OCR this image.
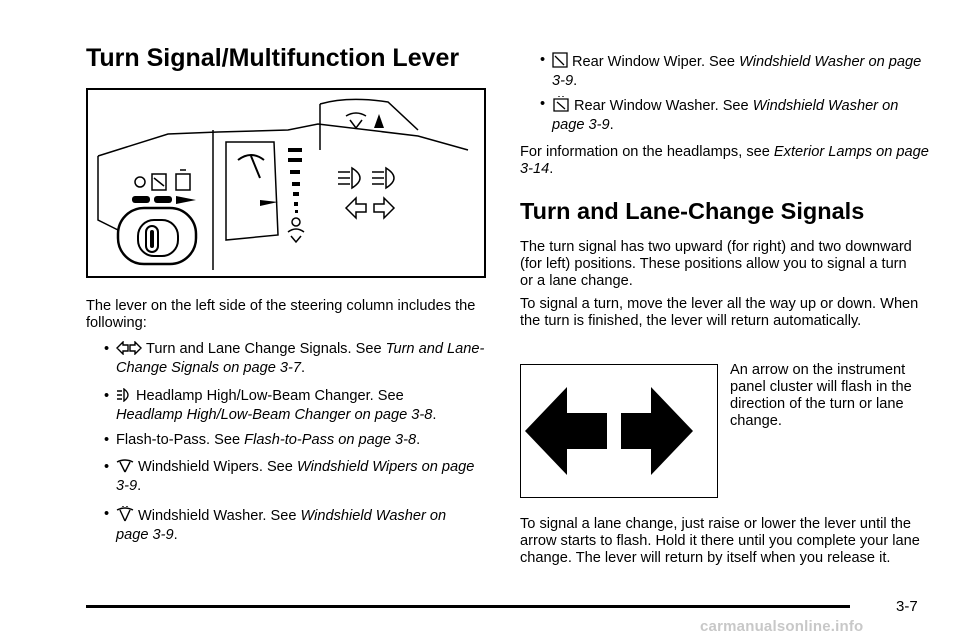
Turn Signal/Multifunction Lever

The lever on the left side of the steering column includes the following:

•	Turn and Lane Change Signals. See Turn and Lane-Change Signals on page 3-7.
• Headlamp High/Low-Beam Changer. See
Headlamp High/Low-Beam Changer on page 3-8.
• Flash-to-Pass. See Flash-to-Pass on page 3-8.
• Windshield Wipers. See Windshield Wipers on page 3-9.
• Windshield Washer. See Windshield Washer on page 3-9.
• Rear Window Wiper. See Windshield Washer on page 3-9.
• Rear Window Washer. See Windshield Washer on page 3-9.

For information on the headlamps, see Exterior Lamps on page 3-14.

Turn and Lane-Change Signals

The turn signal has two upward (for right) and two downward (for left) positions. These positions allow you to signal a turn or a lane change.

To signal a turn, move the lever all the way up or down. When the turn is finished, the lever will return automatically.

An arrow on the instrument panel cluster will flash in the direction of the turn or lane change.

To signal a lane change, just raise or lower the lever until the arrow starts to flash. Hold it there until you complete your lane change. The lever will return by itself when you release it.

3-7
carmanualsonline.info
